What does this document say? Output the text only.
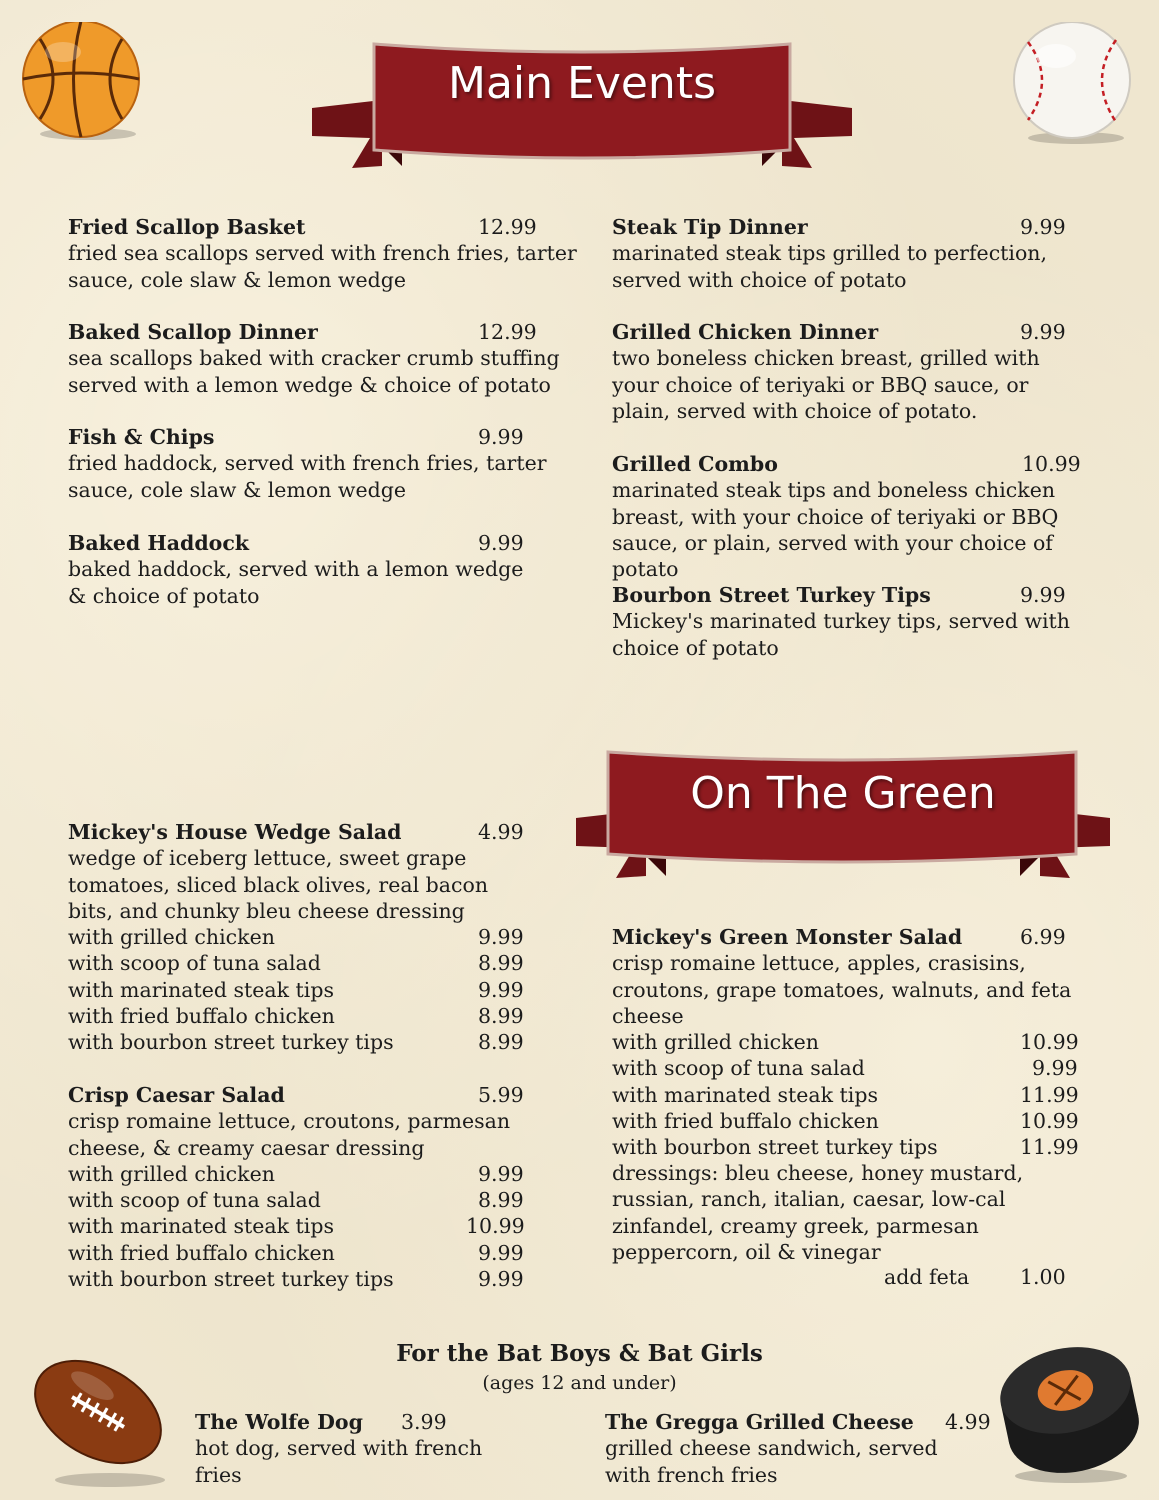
Main Events
On The Green
Fried Scallop Basket	12.99
fried sea scallops served with french fries, tarter sauce, cole slaw & lemon wedge
Baked Scallop Dinner	12.99
sea scallops baked with cracker crumb stuffing served with a lemon wedge & choice of potato
Fish & Chips	9.99
fried haddock, served with french fries, tarter sauce, cole slaw & lemon wedge
Baked Haddock	9.99
baked haddock, served with a lemon wedge & choice of potato
Steak Tip Dinner	9.99
marinated steak tips grilled to perfection, served with choice of potato
Grilled Chicken Dinner	9.99
two boneless chicken breast, grilled with your choice of teriyaki or BBQ sauce, or plain, served with choice of potato.
Grilled Combo	10.99
marinated steak tips and boneless chicken breast, with your choice of teriyaki or BBQ sauce, or plain, served with your choice of potato
Bourbon Street Turkey Tips	9.99
Mickey's marinated turkey tips, served with choice of potato
Mickey's House Wedge Salad	4.99
wedge of iceberg lettuce, sweet grape tomatoes, sliced black olives, real bacon bits, and chunky bleu cheese dressing
with grilled chicken	9.99
with scoop of tuna salad	8.99
with marinated steak tips	9.99
with fried buffalo chicken	8.99
with bourbon street turkey tips	8.99
Crisp Caesar Salad	5.99
crisp romaine lettuce, croutons, parmesan cheese, & creamy caesar dressing
with grilled chicken	9.99
with scoop of tuna salad	8.99
with marinated steak tips	10.99
with fried buffalo chicken	9.99
with bourbon street turkey tips	9.99
Mickey's Green Monster Salad	6.99
crisp romaine lettuce, apples, crasisins, croutons, grape tomatoes, walnuts, and feta cheese
with grilled chicken	10.99
with scoop of tuna salad	9.99
with marinated steak tips	11.99
with fried buffalo chicken	10.99
with bourbon street turkey tips	11.99
dressings: bleu cheese, honey mustard, russian, ranch, italian, caesar, low-cal zinfandel, creamy greek, parmesan peppercorn, oil & vinegar
add feta 1.00
For the Bat Boys & Bat Girls
(ages 12 and under)
The Wolfe Dog 3.99
hot dog, served with french fries
The Gregga Grilled Cheese 4.99
grilled cheese sandwich, served with french fries
